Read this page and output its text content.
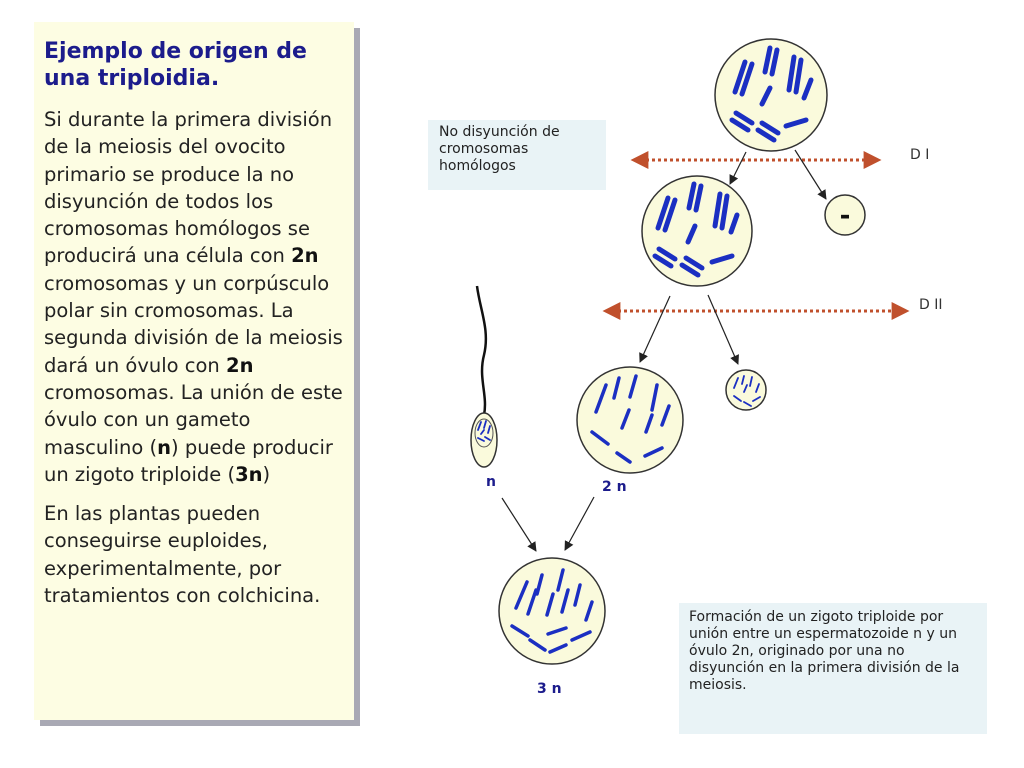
Ejemplo de origen de una triploidia.

Si durante la primera división de la meiosis del ovocito primario se produce la no disyunción de todos los cromosomas homólogos se producirá una célula con 2n cromosomas y un corpúsculo polar sin cromosomas. La segunda división de la meiosis dará un óvulo con 2n cromosomas. La unión de este óvulo con un gameto masculino (n) puede producir un zigoto triploide (3n)

En las plantas pueden conseguirse euploides, experimentalmente, por tratamientos con colchicina.

-
D I
D II
n	2 n
3 n
No disyunción de cromosomas homólogos
Formación de un zigoto triploide por unión entre un espermatozoide n y un óvulo 2n, originado por una no disyunción en la primera división de la meiosis.
